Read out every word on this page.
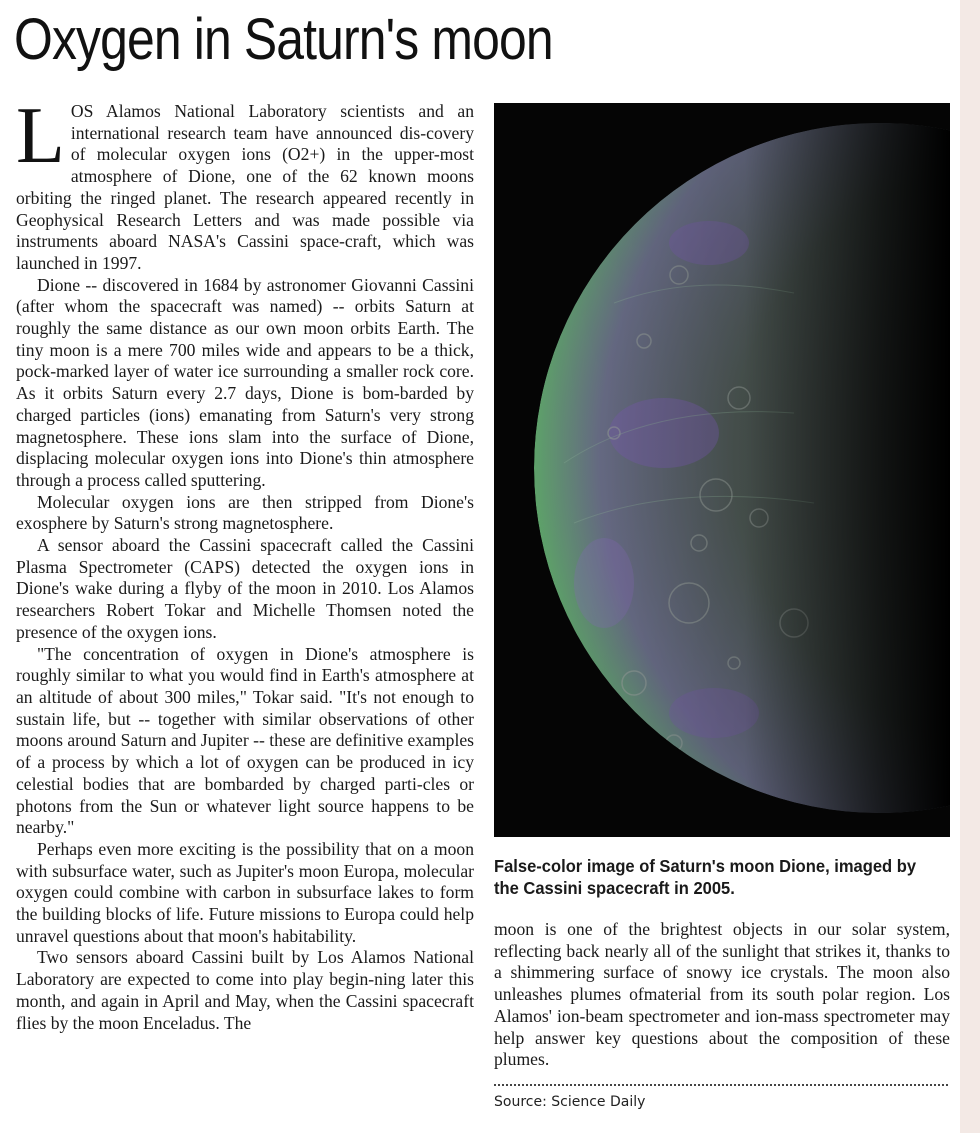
Oxygen in Saturn's moon

LOS Alamos National Laboratory scientists and an international research team have announced dis-covery of molecular oxygen ions (O2+) in the upper-most atmosphere of Dione, one of the 62 known moons orbiting the ringed planet. The research appeared recently in Geophysical Research Letters and was made possible via instruments aboard NASA's Cassini space-craft, which was launched in 1997.

Dione -- discovered in 1684 by astronomer Giovanni Cassini (after whom the spacecraft was named) -- orbits Saturn at roughly the same distance as our own moon orbits Earth. The tiny moon is a mere 700 miles wide and appears to be a thick, pock-marked layer of water ice surrounding a smaller rock core. As it orbits Saturn every 2.7 days, Dione is bom-barded by charged particles (ions) emanating from Saturn's very strong magnetosphere. These ions slam into the surface of Dione, displacing molecular oxygen ions into Dione's thin atmosphere through a process called sputtering.

Molecular oxygen ions are then stripped from Dione's exosphere by Saturn's strong magnetosphere.

A sensor aboard the Cassini spacecraft called the Cassini Plasma Spectrometer (CAPS) detected the oxygen ions in Dione's wake during a flyby of the moon in 2010. Los Alamos researchers Robert Tokar and Michelle Thomsen noted the presence of the oxygen ions.

"The concentration of oxygen in Dione's atmosphere is roughly similar to what you would find in Earth's atmosphere at an altitude of about 300 miles," Tokar said. "It's not enough to sustain life, but -- together with similar observations of other moons around Saturn and Jupiter -- these are definitive examples of a process by which a lot of oxygen can be produced in icy celestial bodies that are bombarded by charged parti-cles or photons from the Sun or whatever light source happens to be nearby."

Perhaps even more exciting is the possibility that on a moon with subsurface water, such as Jupiter's moon Europa, molecular oxygen could combine with carbon in subsurface lakes to form the building blocks of life. Future missions to Europa could help unravel questions about that moon's habitability.

Two sensors aboard Cassini built by Los Alamos National Laboratory are expected to come into play begin-ning later this month, and again in April and May, when the Cassini spacecraft flies by the moon Enceladus. The

False-color image of Saturn's moon Dione, imaged by the Cassini spacecraft in 2005.

moon is one of the brightest objects in our solar system, reflecting back nearly all of the sunlight that strikes it, thanks to a shimmering surface of snowy ice crystals. The moon also unleashes plumes ofmaterial from its south polar region. Los Alamos' ion-beam spectrometer and ion-mass spectrometer may help answer key questions about the composition of these plumes.

Source: Science Daily
